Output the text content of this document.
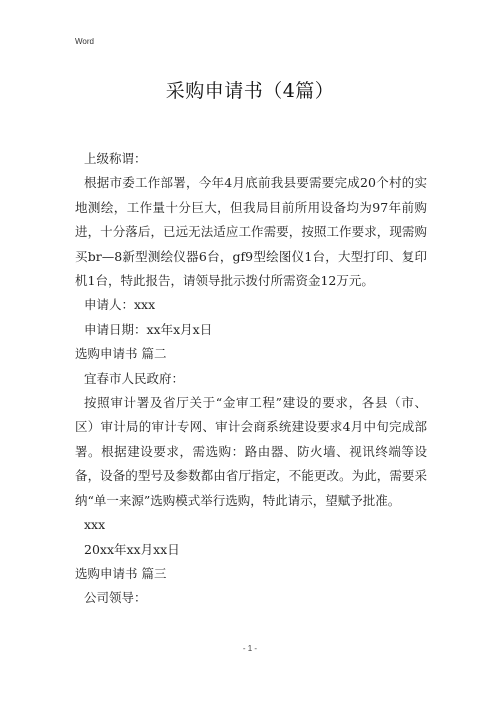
Word
采购申请书（4篇）

上级称谓：

根据市委工作部署，今年4月底前我县要需要完成20个村的实地测绘，工作量十分巨大，但我局目前所用设备均为97年前购进，十分落后，已远无法适应工作需要，按照工作要求，现需购买br—8新型测绘仪器6台，gf9型绘图仪1台，大型打印、复印机1台，特此报告，请领导批示拨付所需资金12万元。

申请人：xxx

申请日期：xx年x月x日

选购申请书 篇二

宜春市人民政府：

按照审计署及省厅关于“金审工程”建设的要求，各县（市、区）审计局的审计专网、审计会商系统建设要求4月中旬完成部署。根据建设要求，需选购：路由器、防火墙、视讯终端等设备，设备的型号及参数都由省厅指定，不能更改。为此，需要采纳“单一来源”选购模式举行选购，特此请示，望赋予批准。

xxx

20xx年xx月xx日

选购申请书 篇三

公司领导：

- 1 -
